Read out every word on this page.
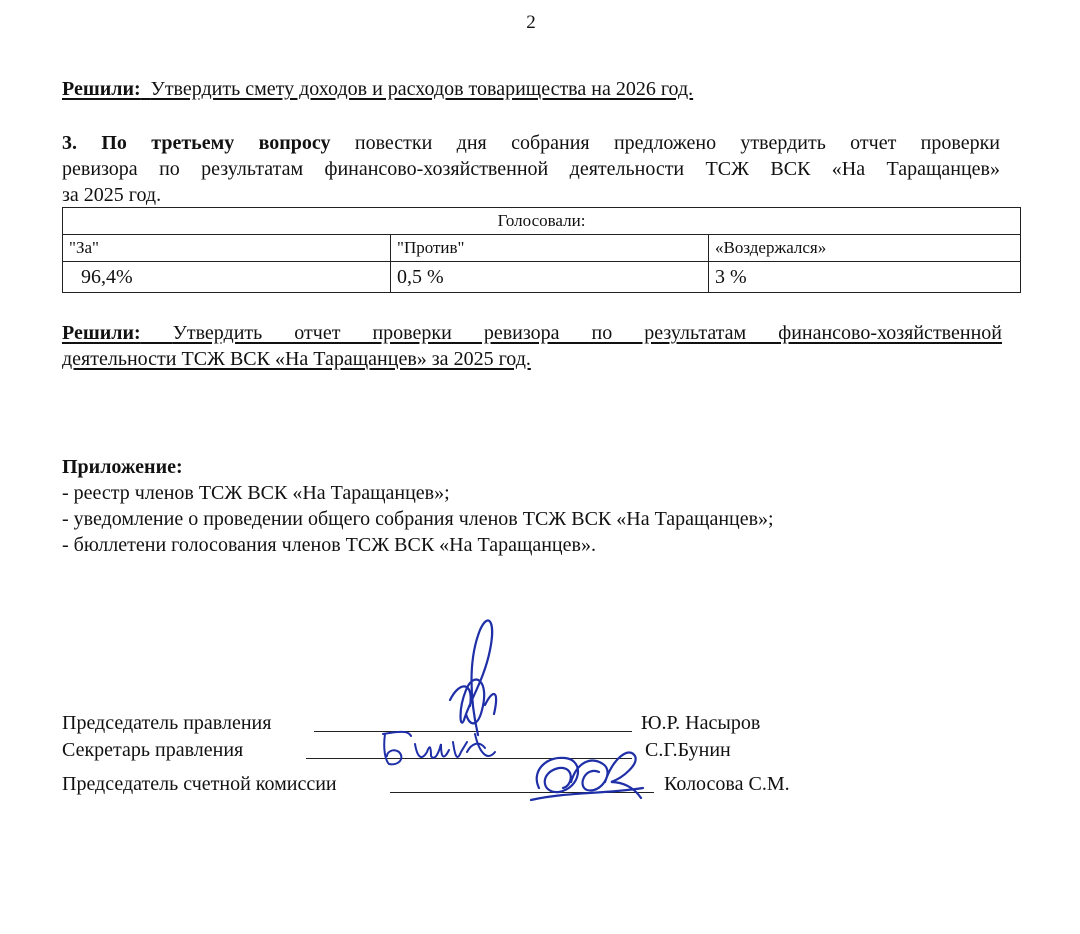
2
Решили: Утвердить смету доходов и расходов товарищества на 2026 год.
3. По третьему вопросу повестки дня собрания предложено утвердить отчет проверки
ревизора по результатам финансово-хозяйственной деятельности ТСЖ ВСК «На Таращанцев»
за 2025 год.
Голосовали:		
"За"	"Против"	«Воздержался»
96,4%	0,5 %	3 %
Решили: Утвердить отчет проверки ревизора по результатам финансово-хозяйственной
деятельности ТСЖ ВСК «На Таращанцев» за 2025 год.
Приложение:
- реестр членов ТСЖ ВСК «На Таращанцев»;
- уведомление о проведении общего собрания членов ТСЖ ВСК «На Таращанцев»;
- бюллетени голосования членов ТСЖ ВСК «На Таращанцев».
Председатель правления	Ю.Р. Насыров
Секретарь правления	С.Г.Бунин
Председатель счетной комиссии	Колосова С.М.
